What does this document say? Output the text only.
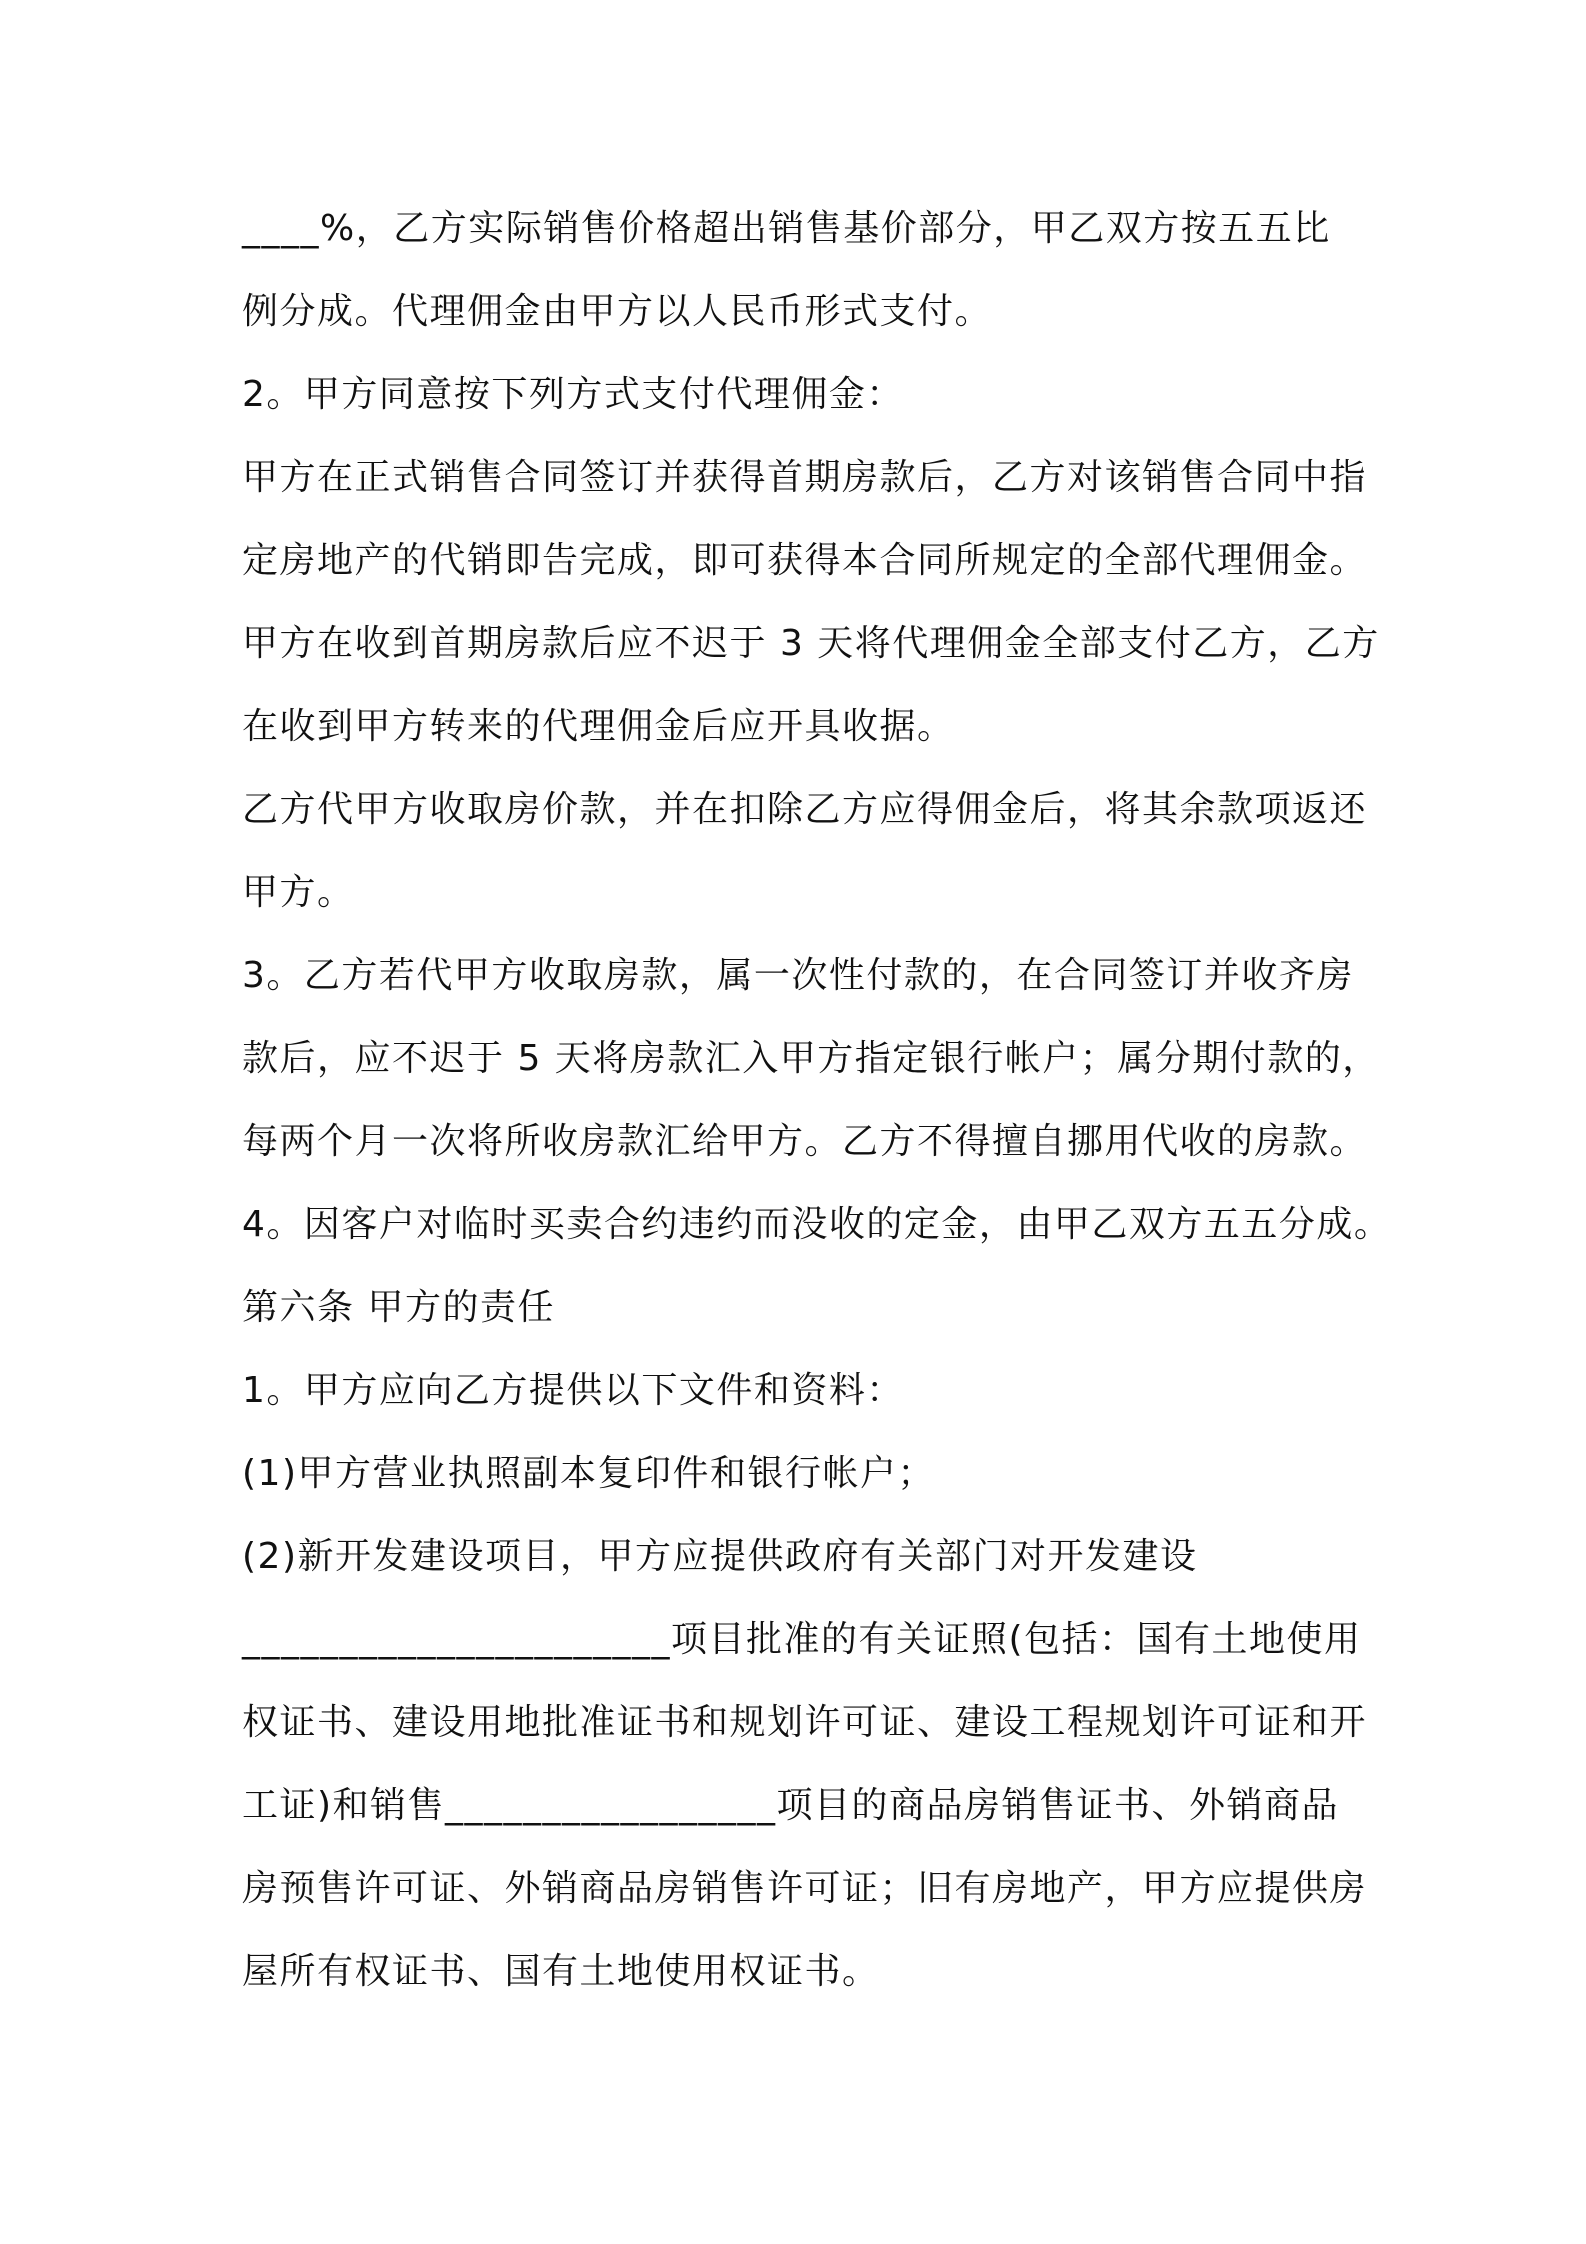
____%，乙方实际销售价格超出销售基价部分，甲乙双方按五五比
例分成。代理佣金由甲方以人民币形式支付。
2。甲方同意按下列方式支付代理佣金：
甲方在正式销售合同签订并获得首期房款后，乙方对该销售合同中指
定房地产的代销即告完成，即可获得本合同所规定的全部代理佣金。
甲方在收到首期房款后应不迟于 3 天将代理佣金全部支付乙方，乙方
在收到甲方转来的代理佣金后应开具收据。
乙方代甲方收取房价款，并在扣除乙方应得佣金后，将其余款项返还
甲方。
3。乙方若代甲方收取房款，属一次性付款的，在合同签订并收齐房
款后，应不迟于 5 天将房款汇入甲方指定银行帐户；属分期付款的，
每两个月一次将所收房款汇给甲方。乙方不得擅自挪用代收的房款。
4。因客户对临时买卖合约违约而没收的定金，由甲乙双方五五分成。
第六条 甲方的责任
1。甲方应向乙方提供以下文件和资料：
(1)甲方营业执照副本复印件和银行帐户；
(2)新开发建设项目，甲方应提供政府有关部门对开发建设
______________________项目批准的有关证照(包括：国有土地使用
权证书、建设用地批准证书和规划许可证、建设工程规划许可证和开
工证)和销售_________________项目的商品房销售证书、外销商品
房预售许可证、外销商品房销售许可证；旧有房地产，甲方应提供房
屋所有权证书、国有土地使用权证书。
